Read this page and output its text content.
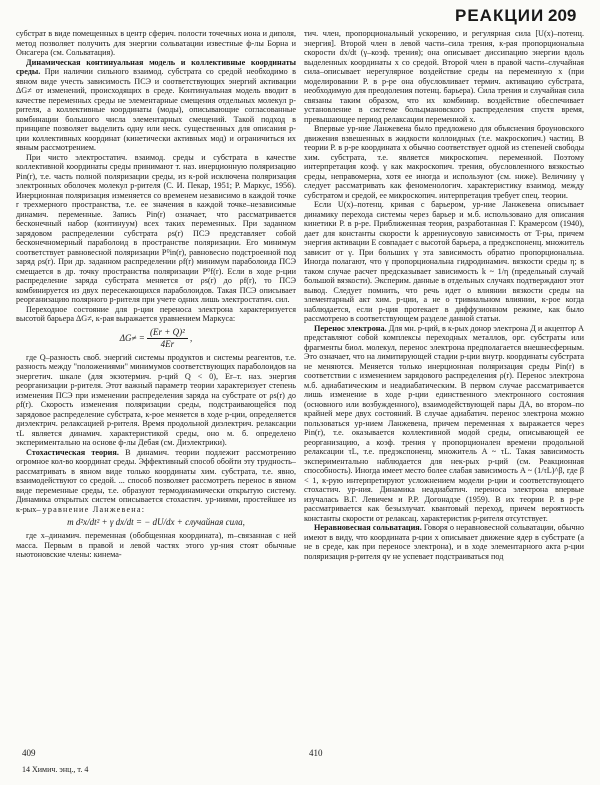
РЕАКЦИИ 209

субстрат в виде помещенных в центр сферич. полости точечных иона и диполя, метод позволяет получить для энергии сольватации известные ф-лы Борна и Онсагера (см. Сольватация).

Динамическая континуальная модель и коллективные координаты среды. При наличии сильного взаимод. субстрата со средой необходимо в явном виде учесть зависимость ПСЭ и соответствующих энергий активации ΔG≠ от изменений, происходящих в среде. Континуальная модель вводит в качестве переменных среды не элементарные смещения отдельных молекул р-рителя, а коллективные координаты (моды), описывающие согласованные комбинации большого числа элементарных смещений. Такой подход в принципе позволяет выделить одну или неск. существенных для описания р-ции коллективных координат (кинетически активных мод) и ограничиться их явным рассмотрением.

При чисто электростатич. взаимод. среды и субстрата в качестве коллективной координаты среды принимают т. наз. инерционную поляризацию Pin(r), т.е. часть полной поляризации среды, из к-рой исключена поляризация электронных оболочек молекул р-рителя (С. И. Пекар, 1951; Р. Маркус, 1956). Инерционная поляризация изменяется со временем независимо в каждой точке r трехмерного пространства, т.е. ее значения в каждой точке–независимые динамич. переменные. Запись Pin(r) означает, что рассматривается бесконечный набор (континуум) всех таких переменных. При заданном зарядовом распределении субстрата ρs(r) ПСЭ представляет собой бесконечномерный параболоид в пространстве поляризации. Его минимум соответствует равновесной поляризации P⁰in(r), равновесно подстроенной под заряд ρs(r). При др. заданном распределении ρf(r) минимум параболоида ПСЭ смещается в др. точку пространства поляризации P⁰f(r). Если в ходе р-ции распределение заряда субстрата меняется от ρs(r) до ρf(r), то ПСЭ комбинируется из двух пересекающихся параболоидов. Такая ПСЭ описывает реорганизацию полярного р-рителя при учете одних лишь электростатич. сил.

Переходное состояние для р-ции переноса электрона характеризуется высотой барьера ΔG≠, к-рая выражается уравнением Маркуса:

$\Delta G\ne = \frac{\text{(Er + Q)²}}{4Er}$ ,

где Q–разность своб. энергий системы продуктов и системы реагентов, т.е. разность между "положениями" минимумов соответствующих параболоидов на энергетич. шкале (для экзотермич. р-ций Q < 0), Er–т. наз. энергия реорганизации р-рителя. Этот важный параметр теории характеризует степень изменения ПСЭ при изменении распределения заряда на субстрате от ρs(r) до ρf(r). Скорость изменения поляризации среды, подстраивающейся под зарядовое распределение субстрата, к-рое меняется в ходе р-ции, определяется диэлектрич. релаксацией р-рителя. Время продольной диэлектрич. релаксации τL является динамич. характеристикой среды, оно м. б. определено экспериментально на основе ф-лы Дебая (см. Диэлектрики).

Стохастическая теория. В динамич. теории подлежит рассмотрению огромное кол-во координат среды. Эффективный способ обойти эту трудность–рассматривать в явном виде только координаты хим. субстрата, т.е. явно, взаимодействуют со средой. ... способ позволяет рассмотреть перенос в явном виде переменные среды, т.е. образуют термодинамически открытую систему. Динамика открытых систем описывается стохастич. ур-ниями, простейшее из к-рых– уравнение Ланжевена:

m d²x/dt² + γ dx/dt = − dU/dx + случайная сила,

где x–динамич. переменная (обобщенная координата), m–связанная с ней масса. Первым в правой и левой частях этого ур-ния стоят обычные ньютоновские члены: кинема-

тич. член, пропорциональный ускорению, и регулярная сила [U(x)–потенц. энергия]. Второй член в левой части–сила трения, к-рая пропорциональна скорости dx/dt (γ–коэф. трения); она описывает диссипацию энергии вдоль выделенных координаты x со средой. Второй член в правой части–случайная сила–описывает нерегулярное воздействие среды на переменную x (при моделировании Р. в р-ре она обусловливает термич. активацию субстрата, необходимую для преодоления потенц. барьера). Сила трения и случайная сила связаны таким образом, что их комбинир. воздействие обеспечивает установление в системе больцмановского распределения спустя время, превышающее период релаксации переменной x.

Впервые ур-ние Ланжевена было предложено для объяснения броуновского движения взвешенных в жидкости коллоидных (т.е. макроскопич.) частиц. В теории Р. в р-ре координата x обычно соответствует одной из степеней свободы хим. субстрата, т.е. является микроскопич. переменной. Поэтому интерпретация коэф. γ как макроскопич. трения, обусловленного вязкостью среды, неправомерна, хотя ее иногда и используют (см. ниже). Величину γ следует рассматривать как феноменологич. характеристику взаимод. между субстратом и средой, ее микроскопич. интерпретация требует спец. теории.

Если U(x)–потенц. кривая с барьером, ур-ние Ланжевена описывает динамику перехода системы через барьер и м.б. использовано для описания кинетики Р. в р-ре. Приближенная теория, разработанная Г. Крамерсом (1940), дает для константы скорости k аррениусовую зависимость от T-ры, причем энергия активации E совпадает с высотой барьера, а предэкспоненц. множитель зависит от γ. При больших γ эта зависимость обратно пропорциональна. Иногда полагают, что γ пропорциональна гидродинамич. вязкости среды η; в таком случае расчет предсказывает зависимость k ~ 1/η (предельный случай большой вязкости). Эксперим. данные в отдельных случаях подтверждают этот вывод. Следует помнить, что речь идет о влиянии вязкости среды на элементарный акт хим. р-ции, а не о тривиальном влиянии, к-рое когда наблюдается, если р-ция протекает в диффузионном режиме, как было рассмотрено в соответствующем разделе данной статьи.

Перенос электрона. Для мн. р-ций, в к-рых донор электрона Д и акцептор А представляют собой комплексы переходных металлов, орг. субстраты или фрагменты биол. молекул, перенос электрона предполагается внешнесферным. Это означает, что на лимитирующей стадии р-ции внутр. координаты субстрата не меняются. Меняется только инерционная поляризация среды Pin(r) в соответствии с изменением зарядового распределения ρ(r). Перенос электрона м.б. адиабатическим и неадиабатическим. В первом случае рассматривается лишь изменение в ходе р-ции единственного электронного состояния (основного или возбужденного), взаимодействующей пары ДА, во втором–по крайней мере двух состояний. В случае адиабатич. перенос электрона можно пользоваться ур-нием Ланжевена, причем переменная x выражается через Pin(r), т.е. оказывается коллективной модой среды, описывающей ее реорганизацию, а коэф. трения γ пропорционален времени продольной релаксации τL, т.е. предэкспоненц. множитель A ~ τL. Такая зависимость экспериментально наблюдается для нек-рых р-ций (см. Реакционная способность). Иногда имеет место более слабая зависимость A ~ (1/τL)^β, где β < 1, к-рую интерпретируют усложнением модели р-ции и соответствующего стохастич. ур-ния. Динамика неадиабатич. переноса электрона впервые изучалась В.Г. Левичем и Р.Р. Догонадзе (1959). В их теории Р. в р-ре рассматривается как безызлучат. квантовый переход, причем вероятность константы скорости от релаксац. характеристик р-рителя отсутствует.

Неравновесная сольватация. Говоря о неравновесной сольватации, обычно имеют в виду, что координата р-ции x описывает движение ядер в субстрате (а не в среде, как при переносе электрона), и в ходе элементарного акта р-ции поляризация р-рителя qv не успевает подстраиваться под

409	410
14 Химич. энц., т. 4
